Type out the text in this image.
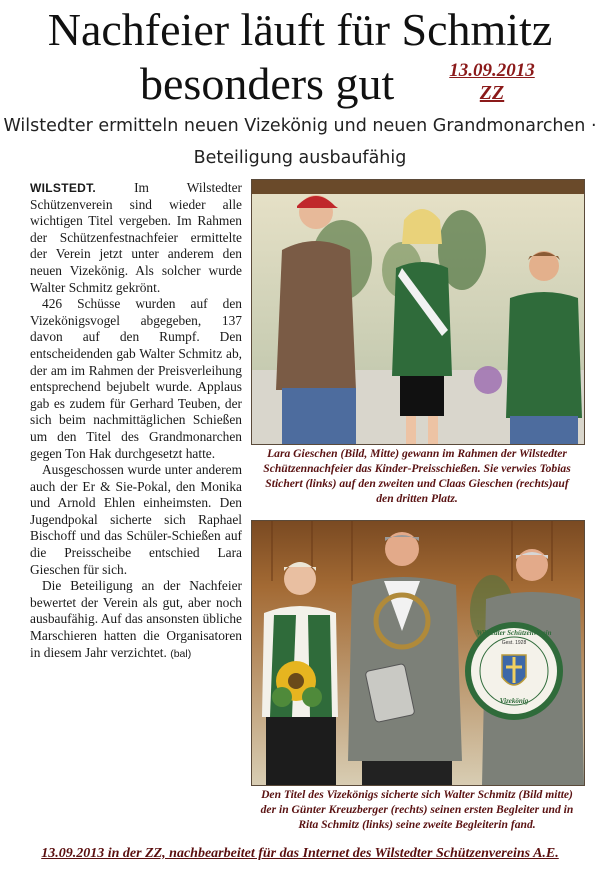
Nachfeier läuft für Schmitz
besonders gut	13.09.2013
ZZ
Wilstedter ermitteln neuen Vizekönig und neuen Grandmonarchen ·
Beteiligung ausbaufähig

WILSTEDT.	Im Wilstedter Schützenverein sind wieder alle wichtigen Titel vergeben. Im Rahmen der Schützenfestnachfeier ermittelte der Verein jetzt unter anderem den neuen Vizekönig. Als solcher wurde Walter Schmitz gekrönt.

426 Schüsse wurden auf den Vizekönigsvogel abgegeben, 137 davon auf den Rumpf. Den entscheidenden gab Walter Schmitz ab, der am im Rahmen der Preisverleihung entsprechend bejubelt wurde. Applaus gab es zudem für Gerhard Teuben, der sich beim nachmittäglichen Schießen um den Titel des Grandmonarchen gegen Ton Hak durchgesetzt hatte.

Ausgeschossen wurde unter anderem auch der Er & Sie-Pokal, den Monika und Arnold Ehlen einheimsten. Den Jugendpokal sicherte sich Raphael Bischoff und das Schüler-Schießen auf die Preisscheibe entschied Lara Gieschen für sich.

Die Beteiligung an der Nachfeier bewertet der Verein als gut, aber noch ausbaufähig. Auf das ansonsten übliche Marschieren hatten die Organisatoren in diesem Jahr verzichtet. (bal)

Lara Gieschen (Bild, Mitte) gewann im Rahmen der Wilstedter Schützennachfeier das Kinder-Preisschießen. Sie verwies Tobias Stichert (links) auf den zweiten und Claas Gieschen (rechts)auf den dritten Platz.
Wilstedter Schützenverein
Gest. 1928
Vizekönig
Den Titel des Vizekönigs sicherte sich Walter Schmitz (Bild mitte) der in Günter Kreuzberger (rechts) seinen ersten Begleiter und in Rita Schmitz (links) seine zweite Begleiterin fand.
13.09.2013 in der ZZ, nachbearbeitet für das Internet des Wilstedter Schützenvereins A.E.
